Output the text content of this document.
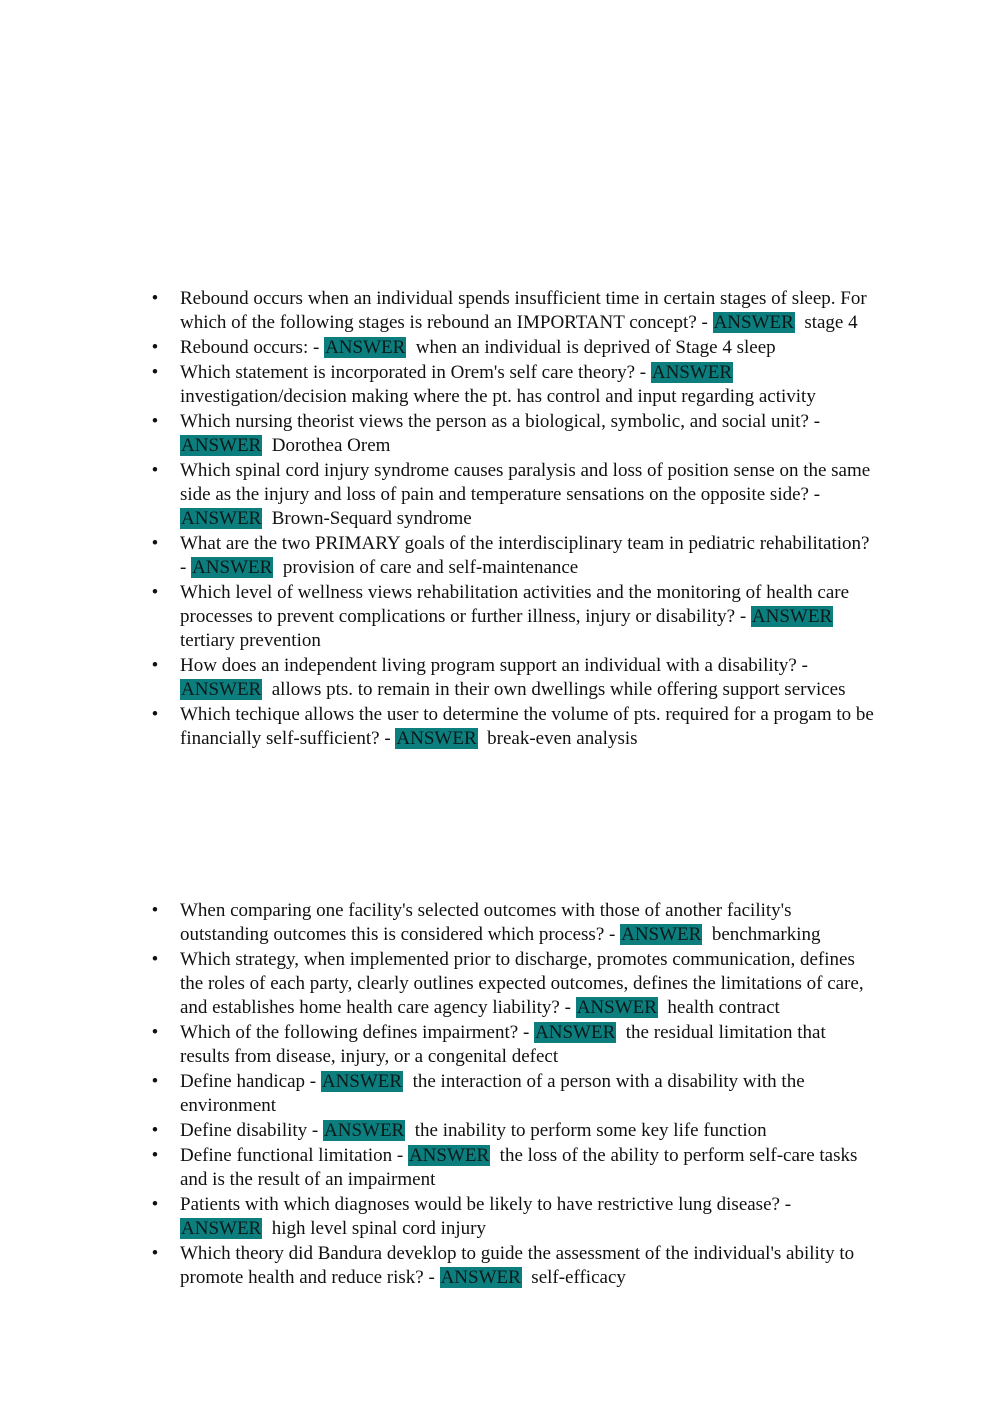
• Rebound occurs when an individual spends insufficient time in certain stages of sleep. For which of the following stages is rebound an IMPORTANT concept? - ANSWER stage 4
• Rebound occurs: - ANSWER when an individual is deprived of Stage 4 sleep
• Which statement is incorporated in Orem's self care theory? - ANSWER  investigation/decision making where the pt. has control and input regarding activity
• Which nursing theorist views the person as a biological, symbolic, and social unit? - ANSWER Dorothea Orem
• Which spinal cord injury syndrome causes paralysis and loss of position sense on the same side as the injury and loss of pain and temperature sensations on the opposite side? - ANSWER Brown-Sequard syndrome
• What are the two PRIMARY goals of the interdisciplinary team in pediatric rehabilitation? - ANSWER provision of care and self-maintenance
• Which level of wellness views rehabilitation activities and the monitoring of health care processes to prevent complications or further illness, injury or disability? - ANSWER  tertiary prevention
• How does an independent living program support an individual with a disability? - ANSWER allows pts. to remain in their own dwellings while offering support services
• Which techique allows the user to determine the volume of pts. required for a progam to be financially self-sufficient? - ANSWER break-even analysis
• When comparing one facility's selected outcomes with those of another facility's outstanding outcomes this is considered which process? - ANSWER benchmarking
• Which strategy, when implemented prior to discharge, promotes communication, defines the roles of each party, clearly outlines expected outcomes, defines the limitations of care, and establishes home health care agency liability? - ANSWER health contract
• Which of the following defines impairment? - ANSWER the residual limitation that results from disease, injury, or a congenital defect
• Define handicap - ANSWER the interaction of a person with a disability with the environment
• Define disability - ANSWER the inability to perform some key life function
• Define functional limitation - ANSWER the loss of the ability to perform self-care tasks and is the result of an impairment
• Patients with which diagnoses would be likely to have restrictive lung disease? - ANSWER high level spinal cord injury
• Which theory did Bandura deveklop to guide the assessment of the individual's ability to promote health and reduce risk? - ANSWER self-efficacy
